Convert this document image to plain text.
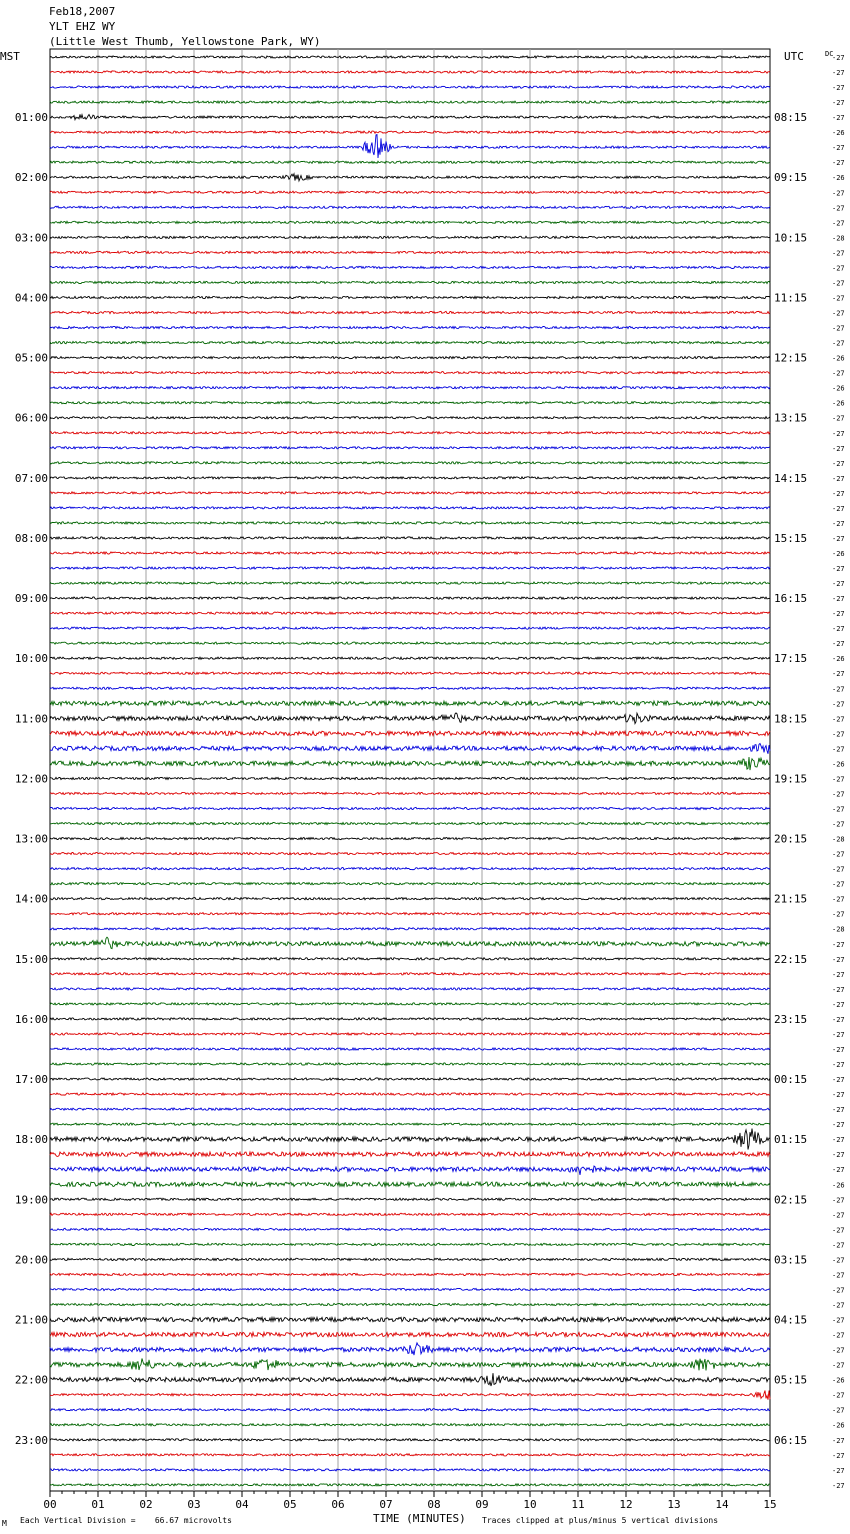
Feb18,2007
YLT EHZ WY
(Little West Thumb, Yellowstone Park, WY)
MST	UTC	DC
00	01	02	03	04	05	06	07	08	09	10	11	12	13	14	15
01:00
02:00
03:00
04:00
05:00
06:00
07:00
08:00
09:00
10:00
11:00
12:00
13:00
14:00
15:00
16:00
17:00
18:00
19:00
20:00
21:00
22:00
23:00
08:15
09:15
10:15
11:15
12:15
13:15
14:15
15:15
16:15
17:15
18:15
19:15
20:15
21:15
22:15
23:15
00:15
01:15
02:15
03:15
04:15
05:15
06:15
-27
-27
-27
-27
-27
-26
-27
-27
-26
-27
-27
-27
-28
-27
-27
-27
-27
-27
-27
-27
-26
-27
-26
-26
-27
-27
-27
-27
-27
-27
-27
-27
-27
-26
-27
-27
-27
-27
-27
-27
-26
-27
-27
-27
-27
-27
-27
-26
-27
-27
-27
-27
-28
-27
-27
-27
-27
-27
-28
-27
-27
-27
-27
-27
-27
-27
-27
-27
-27
-27
-27
-27
-27
-27
-27
-26
-27
-27
-27
-27
-27
-27
-27
-27
-27
-27
-27
-27
-26
-27
-27
-26
-27
-27
-27
-27
TIME (MINUTES)
M Each Vertical Division =    66.67 microvolts	Traces clipped at plus/minus 5 vertical divisions
